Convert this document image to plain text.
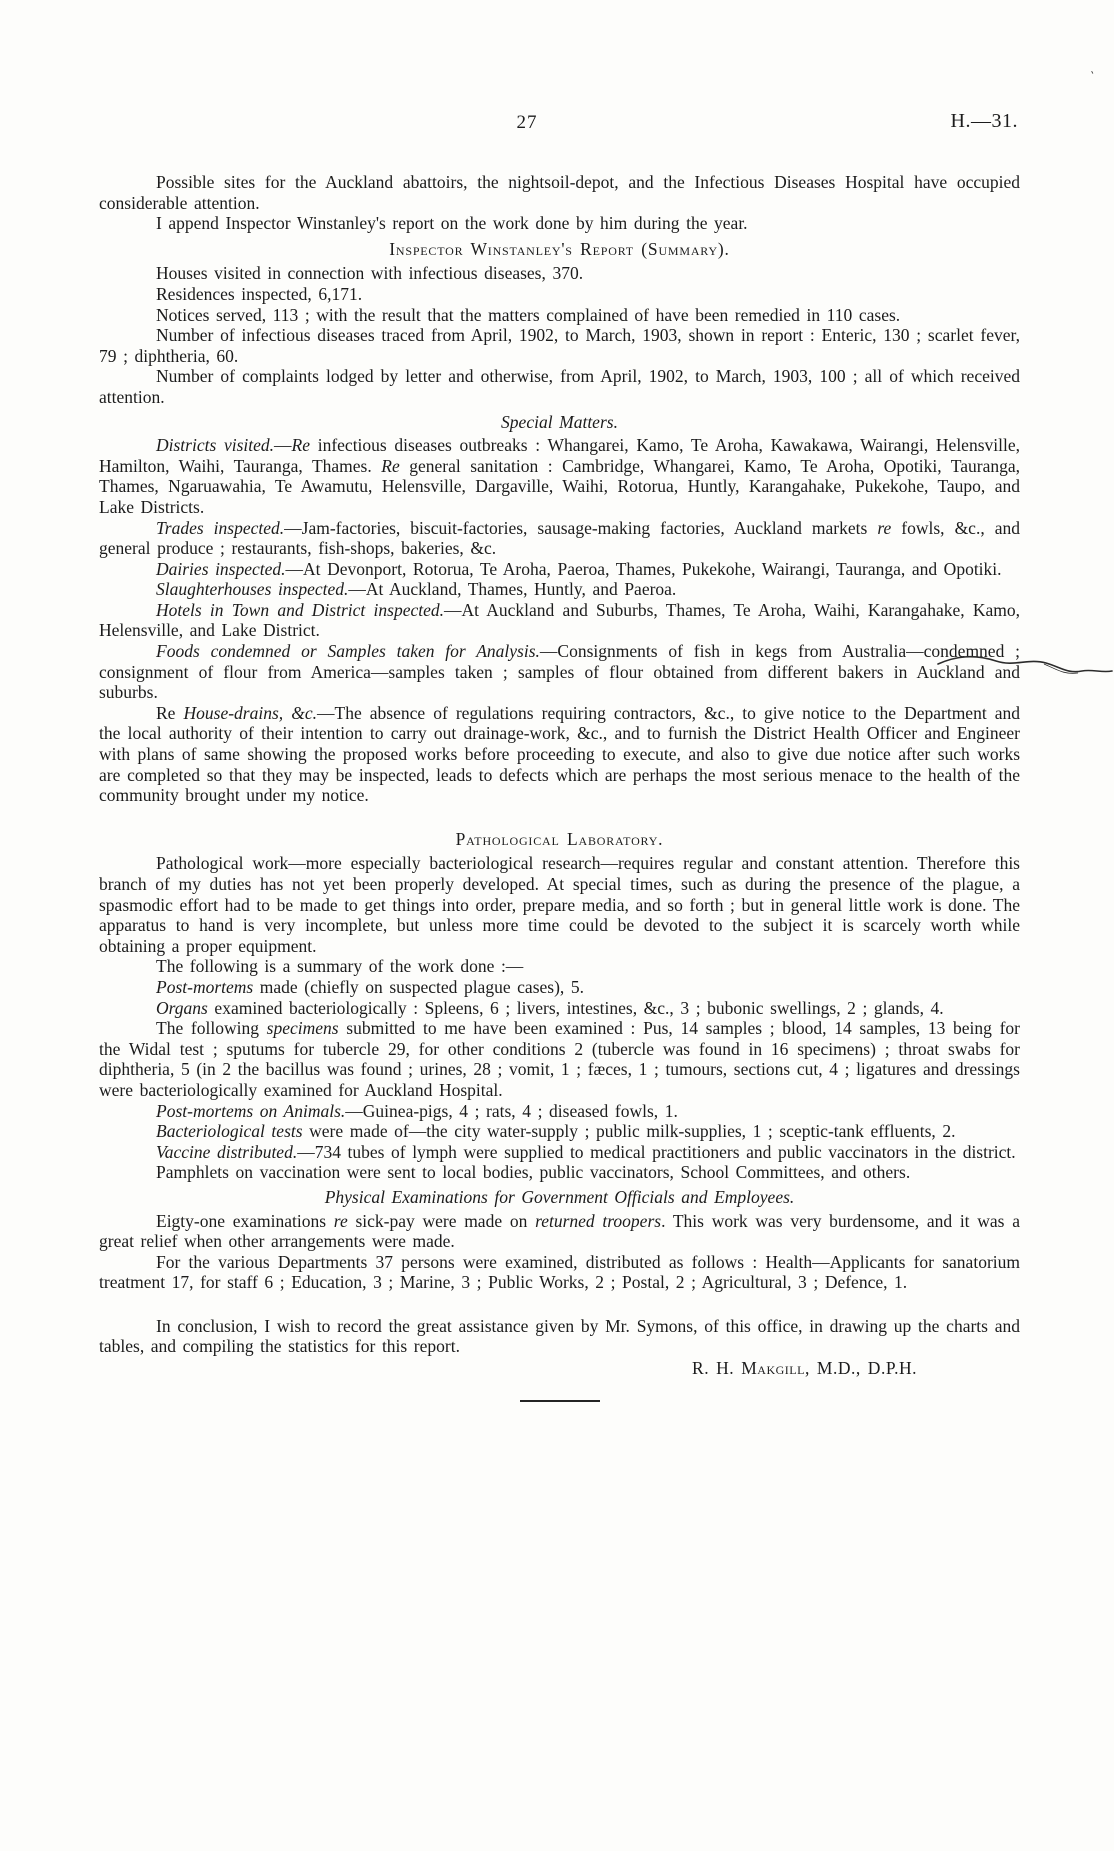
27	H.—31.
`

Possible sites for the Auckland abattoirs, the nightsoil-depot, and the Infectious Diseases Hospital have occupied considerable attention.

I append Inspector Winstanley's report on the work done by him during the year.

Inspector Winstanley's Report (Summary).

Houses visited in connection with infectious diseases, 370.

Residences inspected, 6,171.

Notices served, 113 ; with the result that the matters complained of have been remedied in 110 cases.

Number of infectious diseases traced from April, 1902, to March, 1903, shown in report : Enteric, 130 ; scarlet fever, 79 ; diphtheria, 60.

Number of complaints lodged by letter and otherwise, from April, 1902, to March, 1903, 100 ; all of which received attention.

Special Matters.

Districts visited.—Re infectious diseases outbreaks : Whangarei, Kamo, Te Aroha, Kawakawa, Wairangi, Helensville, Hamilton, Waihi, Tauranga, Thames. Re general sanitation : Cambridge, Whangarei, Kamo, Te Aroha, Opotiki, Tauranga, Thames, Ngaruawahia, Te Awamutu, Helensville, Dargaville, Waihi, Rotorua, Huntly, Karangahake, Pukekohe, Taupo, and Lake Districts.

Trades inspected.—Jam-factories, biscuit-factories, sausage-making factories, Auckland markets re fowls, &c., and general produce ; restaurants, fish-shops, bakeries, &c.

Dairies inspected.—At Devonport, Rotorua, Te Aroha, Paeroa, Thames, Pukekohe, Wairangi, Tauranga, and Opotiki.

Slaughterhouses inspected.—At Auckland, Thames, Huntly, and Paeroa.

Hotels in Town and District inspected.—At Auckland and Suburbs, Thames, Te Aroha, Waihi, Karangahake, Kamo, Helensville, and Lake District.

Foods condemned or Samples taken for Analysis.—Consignments of fish in kegs from Australia—condemned ; consignment of flour from America—samples taken ; samples of flour obtained from different bakers in Auckland and suburbs.

Re House-drains, &c.—The absence of regulations requiring contractors, &c., to give notice to the Department and the local authority of their intention to carry out drainage-work, &c., and to furnish the District Health Officer and Engineer with plans of same showing the proposed works before proceeding to execute, and also to give due notice after such works are completed so that they may be inspected, leads to defects which are perhaps the most serious menace to the health of the community brought under my notice.

Pathological Laboratory.

Pathological work—more especially bacteriological research—requires regular and constant attention. Therefore this branch of my duties has not yet been properly developed. At special times, such as during the presence of the plague, a spasmodic effort had to be made to get things into order, prepare media, and so forth ; but in general little work is done. The apparatus to hand is very incomplete, but unless more time could be devoted to the subject it is scarcely worth while obtaining a proper equipment.

The following is a summary of the work done :—

Post-mortems made (chiefly on suspected plague cases), 5.

Organs examined bacteriologically : Spleens, 6 ; livers, intestines, &c., 3 ; bubonic swellings, 2 ; glands, 4.

The following specimens submitted to me have been examined : Pus, 14 samples ; blood, 14 samples, 13 being for the Widal test ; sputums for tubercle 29, for other conditions 2 (tubercle was found in 16 specimens) ; throat swabs for diphtheria, 5 (in 2 the bacillus was found ; urines, 28 ; vomit, 1 ; fæces, 1 ; tumours, sections cut, 4 ; ligatures and dressings were bacteriologically examined for Auckland Hospital.

Post-mortems on Animals.—Guinea-pigs, 4 ; rats, 4 ; diseased fowls, 1.

Bacteriological tests were made of—the city water-supply ; public milk-supplies, 1 ; sceptic-tank effluents, 2.

Vaccine distributed.—734 tubes of lymph were supplied to medical practitioners and public vaccinators in the district.

Pamphlets on vaccination were sent to local bodies, public vaccinators, School Committees, and others.

Physical Examinations for Government Officials and Employees.

Eigty-one examinations re sick-pay were made on returned troopers. This work was very burdensome, and it was a great relief when other arrangements were made.

For the various Departments 37 persons were examined, distributed as follows : Health—Applicants for sanatorium treatment 17, for staff 6 ; Education, 3 ; Marine, 3 ; Public Works, 2 ; Postal, 2 ; Agricultural, 3 ; Defence, 1.

In conclusion, I wish to record the great assistance given by Mr. Symons, of this office, in drawing up the charts and tables, and compiling the statistics for this report.

R. H. Makgill, M.D., D.P.H.
